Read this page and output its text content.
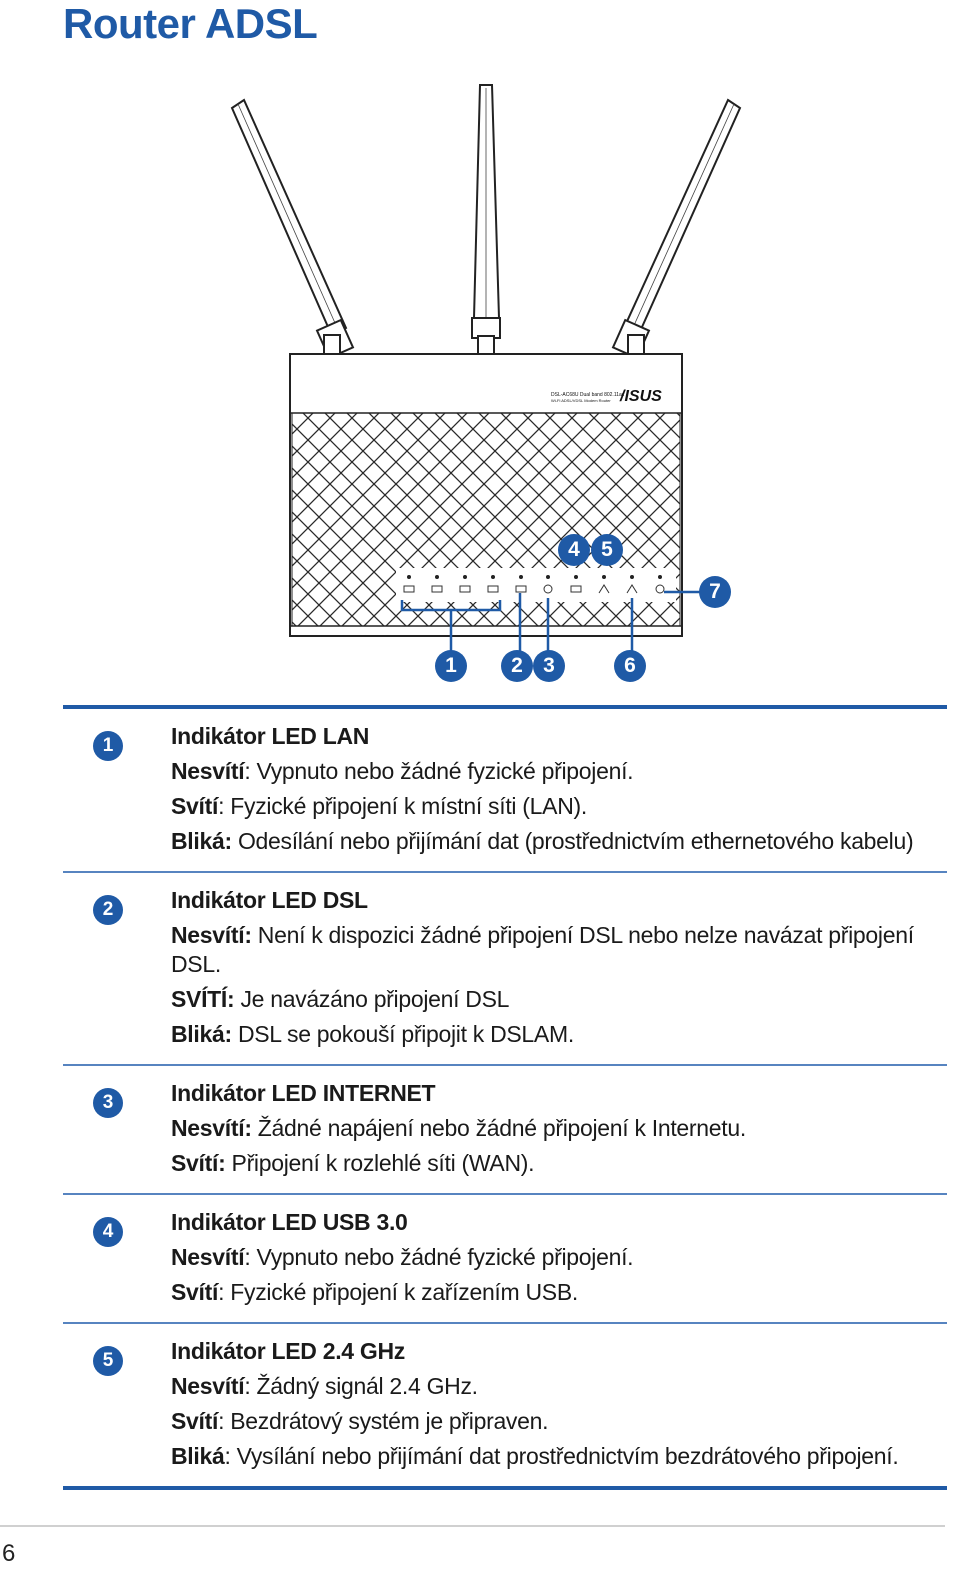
Router ADSL
DSL-AC68U Dual band 802.11ac
Wi-Fi ADSL/VDSL Modem Router /ISUS
4	5
7
1	2 3	6
1	Indikátor LED LAN
Nesvítí: Vypnuto nebo žádné fyzické připojení.
Svítí: Fyzické připojení k místní síti (LAN).
Bliká: Odesílání nebo přijímání dat (prostřednictvím ethernetového kabelu)
2	Indikátor LED DSL
Nesvítí: Není k dispozici žádné připojení DSL nebo nelze navázat připojení DSL.
SVÍTÍ: Je navázáno připojení DSL
Bliká: DSL se pokouší připojit k DSLAM.
3	Indikátor LED INTERNET
Nesvítí: Žádné napájení nebo žádné připojení k Internetu.
Svítí: Připojení k rozlehlé síti (WAN).
4	Indikátor LED USB 3.0
Nesvítí: Vypnuto nebo žádné fyzické připojení.
Svítí: Fyzické připojení k zařízením USB.
5	Indikátor LED 2.4 GHz
Nesvítí: Žádný signál 2.4 GHz.
Svítí: Bezdrátový systém je připraven.
Bliká: Vysílání nebo přijímání dat prostřednictvím bezdrátového připojení.
6
